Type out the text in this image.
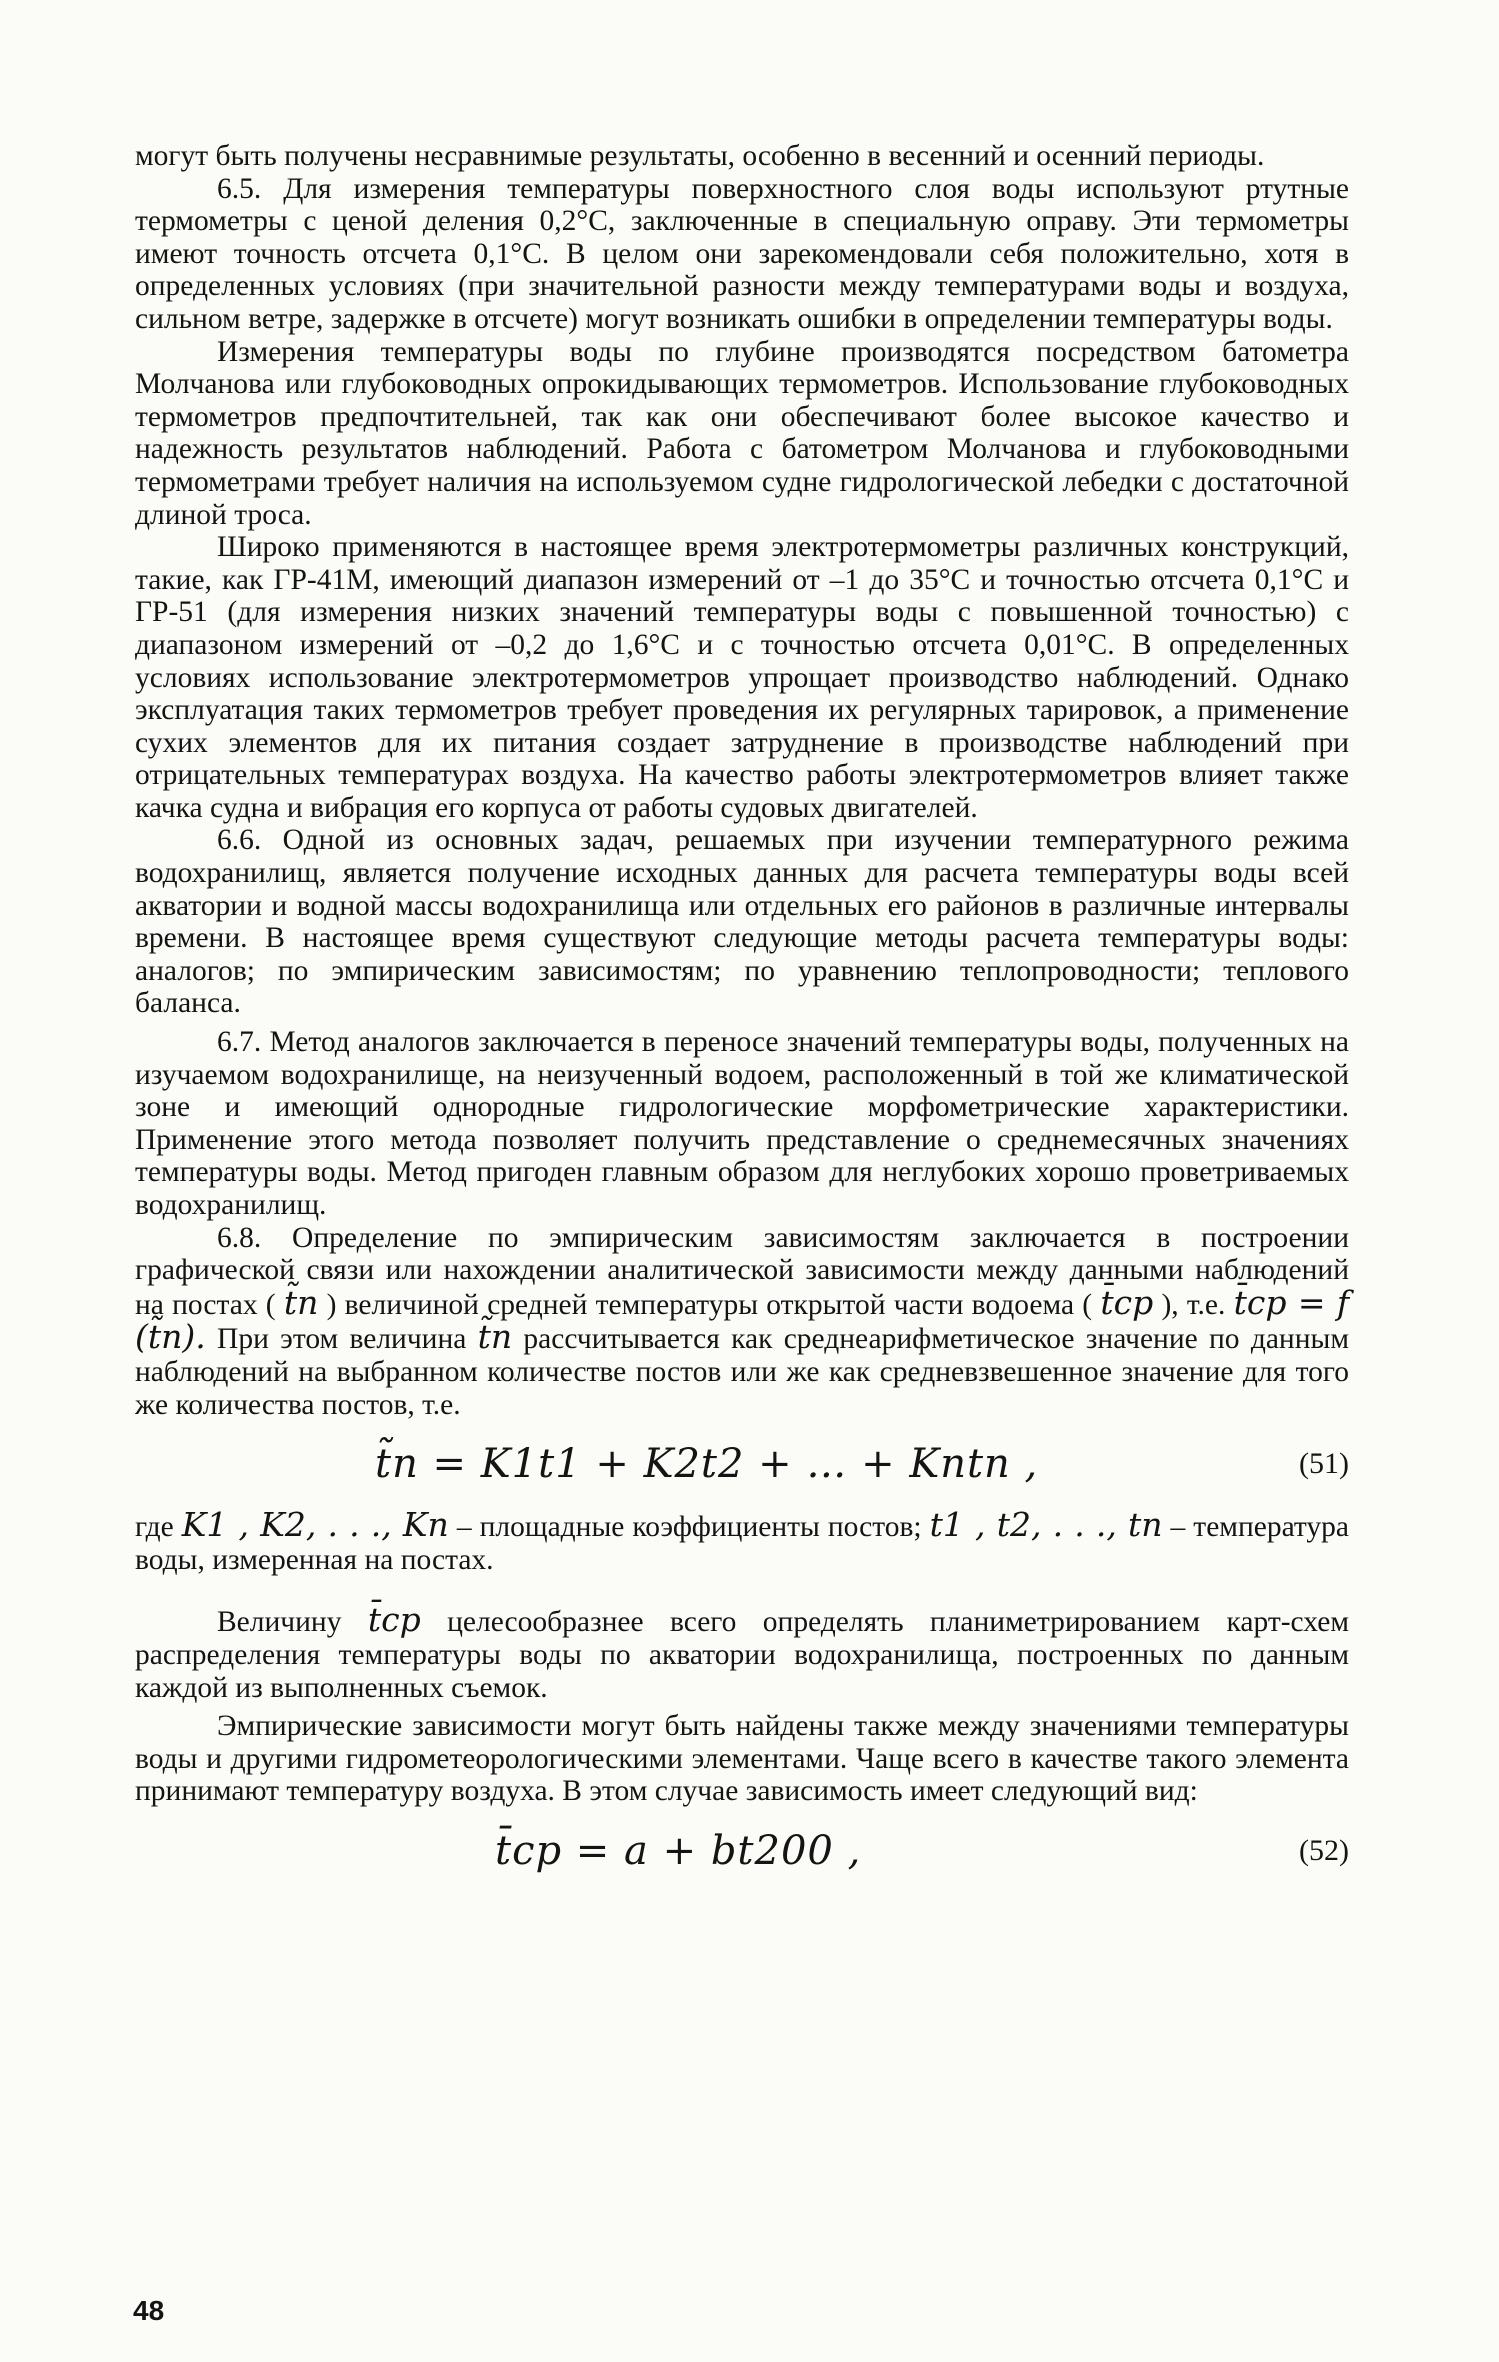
могут быть получены несравнимые результаты, особенно в весенний и осенний периоды.

6.5. Для измерения температуры поверхностного слоя воды используют ртутные термометры с ценой деления 0,2°С, заключенные в специальную оправу. Эти термометры имеют точность отсчета 0,1°С. В целом они зарекомендовали себя положительно, хотя в определенных условиях (при значительной разности между температурами воды и воздуха, сильном ветре, задержке в отсчете) могут возникать ошибки в определении температуры воды.

Измерения температуры воды по глубине производятся посредством батометра Молчанова или глубоководных опрокидывающих термометров. Использование глубоководных термометров предпочтительней, так как они обеспечивают более высокое качество и надежность результатов наблюдений. Работа с батометром Молчанова и глубоководными термометрами требует наличия на используемом судне гидрологической лебедки с достаточной длиной троса.

Широко применяются в настоящее время электротермометры различных конструкций, такие, как ГР-41М, имеющий диапазон измерений от –1 до 35°С и точностью отсчета 0,1°С и ГР-51 (для измерения низких значений температуры воды с повышенной точностью) с диапазоном измерений от –0,2 до 1,6°С и с точностью отсчета 0,01°С. В определенных условиях использование электротермометров упрощает производство наблюдений. Однако эксплуатация таких термометров требует проведения их регулярных тарировок, а применение сухих элементов для их питания создает затруднение в производстве наблюдений при отрицательных температурах воздуха. На качество работы электротермометров влияет также качка судна и вибрация его корпуса от работы судовых двигателей.

6.6. Одной из основных задач, решаемых при изучении температурного режима водохранилищ, является получение исходных данных для расчета температуры воды всей акватории и водной массы водохранилища или отдельных его районов в различные интервалы времени. В настоящее время существуют следующие методы расчета температуры воды: аналогов; по эмпирическим зависимостям; по уравнению теплопроводности; теплового баланса.

6.7. Метод аналогов заключается в переносе значений температуры воды, полученных на изучаемом водохранилище, на неизученный водоем, расположенный в той же климатической зоне и имеющий однородные гидрологические морфометрические характеристики. Применение этого метода позволяет получить представление о среднемесячных значениях температуры воды. Метод пригоден главным образом для неглубоких хорошо проветриваемых водохранилищ.

6.8. Определение по эмпирическим зависимостям заключается в построении графической связи или нахождении аналитической зависимости между данными наблюдений на постах ( t̃n ) величиной средней температуры открытой части водоема ( t̄cp ), т.е. t̄cp = f (t̃n). При этом величина t̃n рассчитывается как среднеарифметическое значение по данным наблюдений на выбранном количестве постов или же как средневзвешенное значение для того же количества постов, т.е.

t̃n = K1t1 + K2t2 + … + Kntn ,	(51)

где K1 , K2, . . ., Kn – площадные коэффициенты постов; t1 , t2, . . ., tn – температура воды, измеренная на постах.

Величину t̄cp целесообразнее всего определять планиметрированием карт-схем распределения температуры воды по акватории водохранилища, построенных по данным каждой из выполненных съемок.

Эмпирические зависимости могут быть найдены также между значениями температуры воды и другими гидрометеорологическими элементами. Чаще всего в качестве такого элемента принимают температуру воздуха. В этом случае зависимость имеет следующий вид:

t̄cp = a + bt200 ,	(52)
48
